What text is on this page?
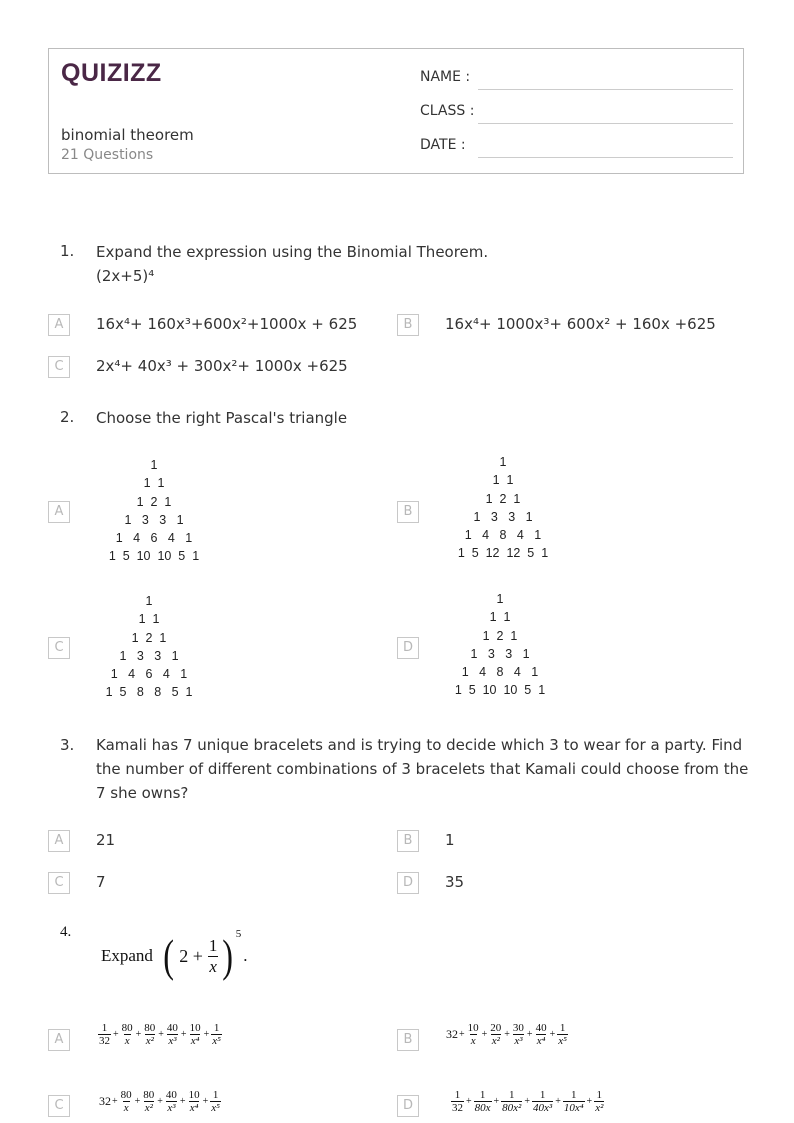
QUIZIZZ
binomial theorem
21 Questions
NAME :
CLASS :
DATE :
1. Expand the expression using the Binomial Theorem.
(2x+5)⁴
A	16x⁴+ 160x³+600x²+1000x + 625	B	16x⁴+ 1000x³+ 600x² + 160x +625
C	2x⁴+ 40x³ + 300x²+ 1000x +625
2. Choose the right Pascal's triangle
A
1
1  1
1  2  1
1   3   3   1
1   4   6   4   1
1  5  10  10  5  1
B
1
1  1
1  2  1
1   3   3   1
1   4   8   4   1
1  5  12  12  5  1
C
1
1  1
1  2  1
1   3   3   1
1   4   6   4   1
1  5   8   8   5  1
D
1
1  1
1  2  1
1   3   3   1
1   4   8   4   1
1  5  10  10  5  1
3. Kamali has 7 unique bracelets and is trying to decide which 3 to wear for a party. Find the number of different combinations of 3 bracelets that Kamali could choose from the 7 she owns?
A	21	B	1
C	7	D	35
4.
Expand ( $2 + \frac{1}{x}$ ) 5
.
A	$\frac{1}{32} + \frac{80}{x} + \frac{80}{\text{x²}} + \frac{40}{\text{x³}} + \frac{10}{\text{x⁴}} + \frac{1}{\text{x⁵}}$	B	$32+ \frac{10}{x} + \frac{20}{\text{x²}} + \frac{30}{\text{x³}} + \frac{40}{\text{x⁴}} + \frac{1}{\text{x⁵}}$
C	$32+ \frac{80}{x} + \frac{80}{\text{x²}} + \frac{40}{\text{x³}} + \frac{10}{\text{x⁴}} + \frac{1}{\text{x⁵}}$	D	$\frac{1}{32} + \frac{1}{80x} + \frac{1}{\text{80x²}} + \frac{1}{\text{40x³}} + \frac{1}{\text{10x⁴}} + \frac{1}{\text{x²}}$
